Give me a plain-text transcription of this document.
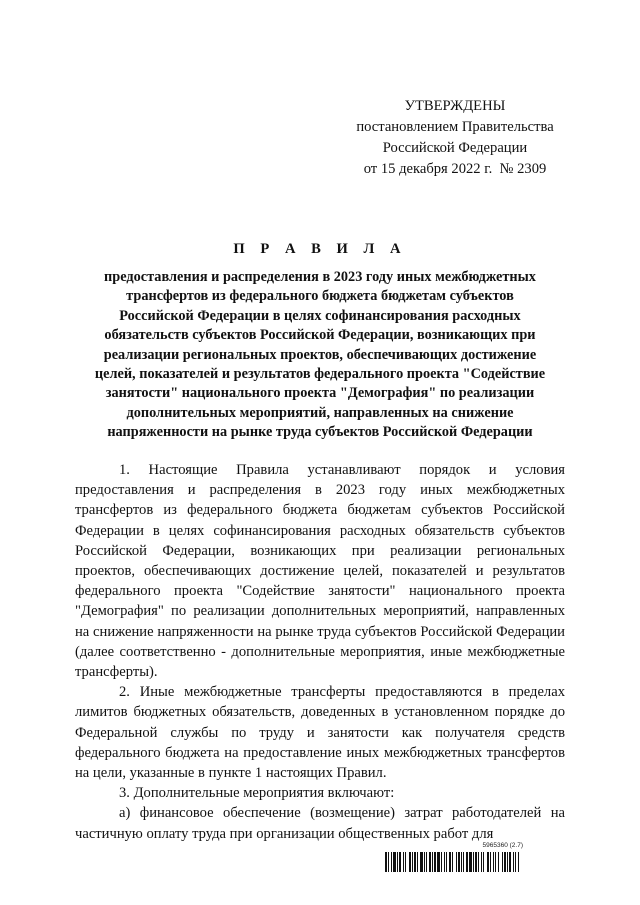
УТВЕРЖДЕНЫ
постановлением Правительства
Российской Федерации
от 15 декабря 2022 г.  № 2309
П Р А В И Л А
предоставления и распределения в 2023 году иных межбюджетных
трансфертов из федерального бюджета бюджетам субъектов
Российской Федерации в целях софинансирования расходных
обязательств субъектов Российской Федерации, возникающих при
реализации региональных проектов, обеспечивающих достижение
целей, показателей и результатов федерального проекта "Содействие
занятости" национального проекта "Демография" по реализации
дополнительных мероприятий, направленных на снижение
напряженности на рынке труда субъектов Российской Федерации

1. Настоящие Правила устанавливают порядок и условия предоставления и распределения в 2023 году иных межбюджетных трансфертов из федерального бюджета бюджетам субъектов Российской Федерации в целях софинансирования расходных обязательств субъектов Российской Федерации, возникающих при реализации региональных проектов, обеспечивающих достижение целей, показателей и результатов федерального проекта "Содействие занятости" национального проекта "Демография" по реализации дополнительных мероприятий, направленных на снижение напряженности на рынке труда субъектов Российской Федерации (далее соответственно - дополнительные мероприятия, иные межбюджетные трансферты).

2. Иные межбюджетные трансферты предоставляются в пределах лимитов бюджетных обязательств, доведенных в установленном порядке до Федеральной службы по труду и занятости как получателя средств федерального бюджета на предоставление иных межбюджетных трансфертов на цели, указанные в пункте 1 настоящих Правил.

3. Дополнительные мероприятия включают:

а) финансовое обеспечение (возмещение) затрат работодателей на частичную оплату труда при организации общественных работ для

5965360 (2.7)
